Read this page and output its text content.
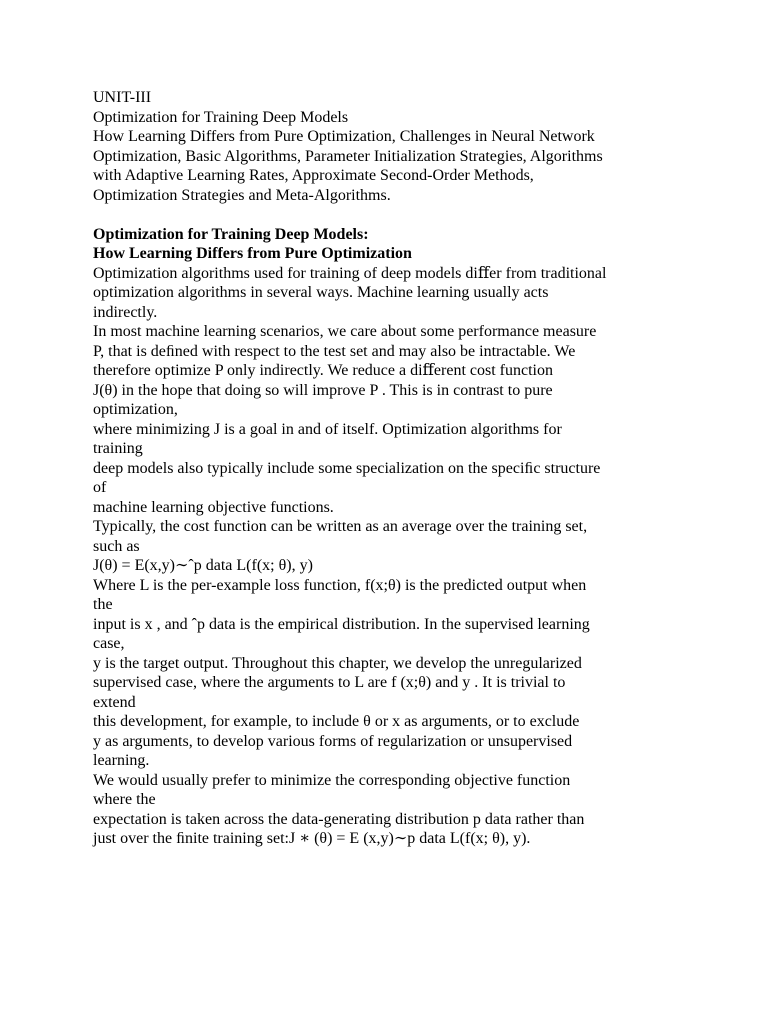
UNIT-III
Optimization for Training Deep Models
How Learning Differs from Pure Optimization, Challenges in Neural Network
Optimization, Basic Algorithms, Parameter Initialization Strategies, Algorithms
with Adaptive Learning Rates, Approximate Second-Order Methods,
Optimization Strategies and Meta-Algorithms.
Optimization for Training Deep Models:
How Learning Differs from Pure Optimization
Optimization algorithms used for training of deep models diﬀer from traditional
optimization algorithms in several ways. Machine learning usually acts
indirectly.
In most machine learning scenarios, we care about some performance measure
P, that is deﬁned with respect to the test set and may also be intractable. We
therefore optimize P only indirectly. We reduce a diﬀerent cost function
J(θ) in the hope that doing so will improve P . This is in contrast to pure
optimization,
where minimizing J is a goal in and of itself. Optimization algorithms for
training
deep models also typically include some specialization on the speciﬁc structure
of
machine learning objective functions.
Typically, the cost function can be written as an average over the training set,
such as
J(θ) = E(x,y)∼ˆp data L(f(x; θ), y)
Where L is the per-example loss function, f(x;θ) is the predicted output when
the
input is x , and ˆp data is the empirical distribution. In the supervised learning
case,
y is the target output. Throughout this chapter, we develop the unregularized
supervised case, where the arguments to L are f (x;θ) and y . It is trivial to
extend
this development, for example, to include θ or x as arguments, or to exclude
y as arguments, to develop various forms of regularization or unsupervised
learning.
We would usually prefer to minimize the corresponding objective function
where the
expectation is taken across the data-generating distribution p data rather than
just over the ﬁnite training set:J ∗ (θ) = E (x,y)∼p data L(f(x; θ), y).
